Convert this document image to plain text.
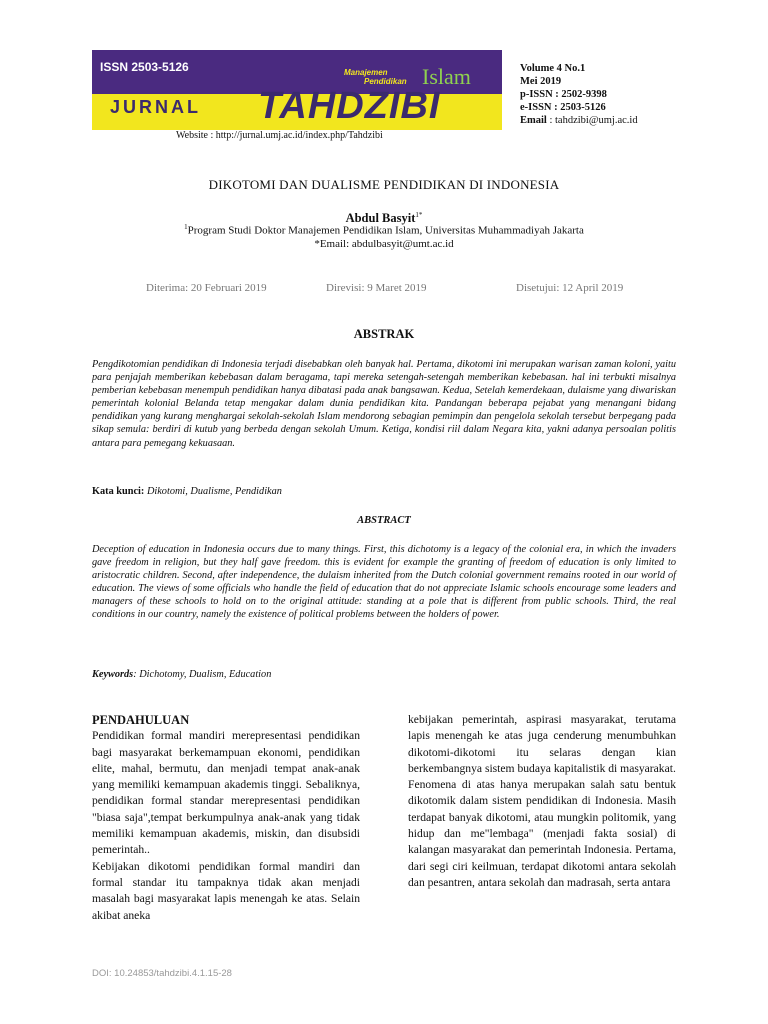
ISSN 2503-5126	Manajemen
Pendidikan Islam
JURNAL TAHDZIBI
Website : http://jurnal.umj.ac.id/index.php/Tahdzibi
Volume 4 No.1
Mei 2019
p-ISSN : 2502-9398
e-ISSN : 2503-5126
Email : tahdzibi@umj.ac.id
DIKOTOMI DAN DUALISME PENDIDIKAN DI INDONESIA
Abdul Basyit$^{1*}$
$^1$Program Studi Doktor Manajemen Pendidikan Islam, Universitas Muhammadiyah Jakarta
*Email: abdulbasyit@umt.ac.id
Diterima: 20 Februari 2019	Direvisi: 9 Maret 2019	Disetujui: 12 April 2019
ABSTRAK
Pengdikotomian pendidikan di Indonesia terjadi disebabkan oleh banyak hal. Pertama, dikotomi ini merupakan warisan zaman koloni, yaitu para penjajah memberikan kebebasan dalam beragama, tapi mereka setengah-setengah memberikan kebebasan. hal ini terbukti misalnya pemberian kebebasan menempuh pendidikan hanya dibatasi pada anak bangsawan. Kedua, Setelah kemerdekaan, dulaisme yang diwariskan pemerintah kolonial Belanda tetap mengakar dalam dunia pendidikan kita. Pandangan beberapa pejabat yang menangani bidang pendidikan yang kurang menghargai sekolah-sekolah Islam mendorong sebagian pemimpin dan pengelola sekolah tersebut berpegang pada sikap semula: berdiri di kutub yang berbeda dengan sekolah Umum. Ketiga, kondisi riil dalam Negara kita, yakni adanya persoalan politis antara para pemegang kekuasaan.
Kata kunci: Dikotomi, Dualisme, Pendidikan
ABSTRACT
Deception of education in Indonesia occurs due to many things. First, this dichotomy is a legacy of the colonial era, in which the invaders gave freedom in religion, but they half gave freedom. this is evident for example the granting of freedom of education is only limited to aristocratic children. Second, after independence, the dulaism inherited from the Dutch colonial government remains rooted in our world of education. The views of some officials who handle the field of education that do not appreciate Islamic schools encourage some leaders and managers of these schools to hold on to the original attitude: standing at a pole that is different from public schools. Third, the real conditions in our country, namely the existence of political problems between the holders of power.
Keywords: Dichotomy, Dualism, Education

PENDAHULUAN

Pendidikan formal mandiri merepresentasi pendidikan bagi masyarakat berkemampuan ekonomi, pendidikan elite, mahal, bermutu, dan menjadi tempat anak-anak yang memiliki kemampuan akademis tinggi. Sebaliknya, pendidikan formal standar merepresentasi pendidikan "biasa saja",tempat berkumpulnya anak-anak yang tidak memiliki kemampuan akademis, miskin, dan disubsidi pemerintah..

Kebijakan dikotomi pendidikan formal mandiri dan formal standar itu tampaknya tidak akan menjadi masalah bagi masyarakat lapis menengah ke atas. Selain akibat aneka

kebijakan pemerintah, aspirasi masyarakat, terutama lapis menengah ke atas juga cenderung menumbuhkan dikotomi-dikotomi itu selaras dengan kian berkembangnya sistem budaya kapitalistik di masyarakat.

Fenomena di atas hanya merupakan salah satu bentuk dikotomik dalam sistem pendidikan di Indonesia. Masih terdapat banyak dikotomi, atau mungkin politomik, yang hidup dan me"lembaga" (menjadi fakta sosial) di kalangan masyarakat dan pemerintah Indonesia. Pertama, dari segi ciri keilmuan, terdapat dikotomi antara sekolah dan pesantren, antara sekolah dan madrasah, serta antara

DOI: 10.24853/tahdzibi.4.1.15-28
